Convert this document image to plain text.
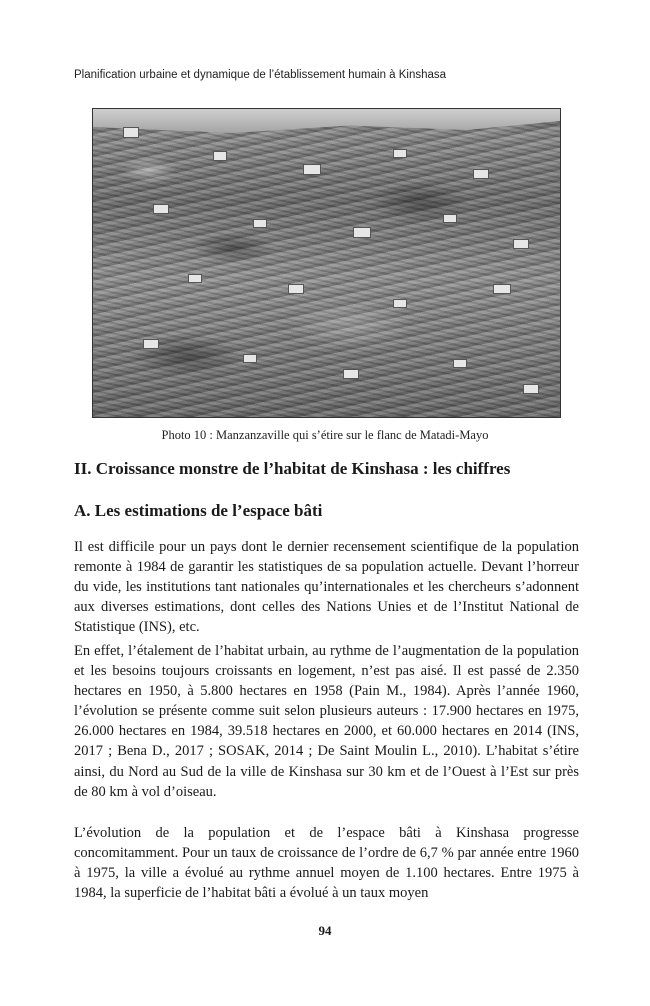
Planification urbaine et dynamique de l’établissement humain à Kinshasa
Photo 10 : Manzanzaville qui s’étire sur le flanc de Matadi-Mayo
II. Croissance monstre de l’habitat de Kinshasa : les chiffres
A. Les estimations de l’espace bâti

Il est difficile pour un pays dont le dernier recensement scientifique de la population remonte à 1984 de garantir les statistiques de sa population actuelle. Devant l’horreur du vide, les institutions tant nationales qu’internationales et les chercheurs s’adonnent aux diverses estimations, dont celles des Nations Unies et de l’Institut National de Statistique (INS), etc.

En effet, l’étalement de l’habitat urbain, au rythme de l’augmentation de la population et les besoins toujours croissants en logement, n’est pas aisé. Il est passé de 2.350 hectares en 1950, à 5.800 hectares en 1958 (Pain M., 1984). Après l’année 1960, l’évolution se présente comme suit selon plusieurs auteurs : 17.900 hectares en 1975, 26.000 hectares en 1984, 39.518 hectares en 2000, et 60.000 hectares en 2014 (INS, 2017 ; Bena D., 2017 ; SOSAK, 2014 ; De Saint Moulin L., 2010). L’habitat s’étire ainsi, du Nord au Sud de la ville de Kinshasa sur 30 km et de l’Ouest à l’Est sur près de 80 km à vol d’oiseau.

L’évolution de la population et de l’espace bâti à Kinshasa progresse concomitamment. Pour un taux de croissance de l’ordre de 6,7 % par année entre 1960 à 1975, la ville a évolué au rythme annuel moyen de 1.100 hectares. Entre 1975 à 1984, la superficie de l’habitat bâti a évolué à un taux moyen

94
